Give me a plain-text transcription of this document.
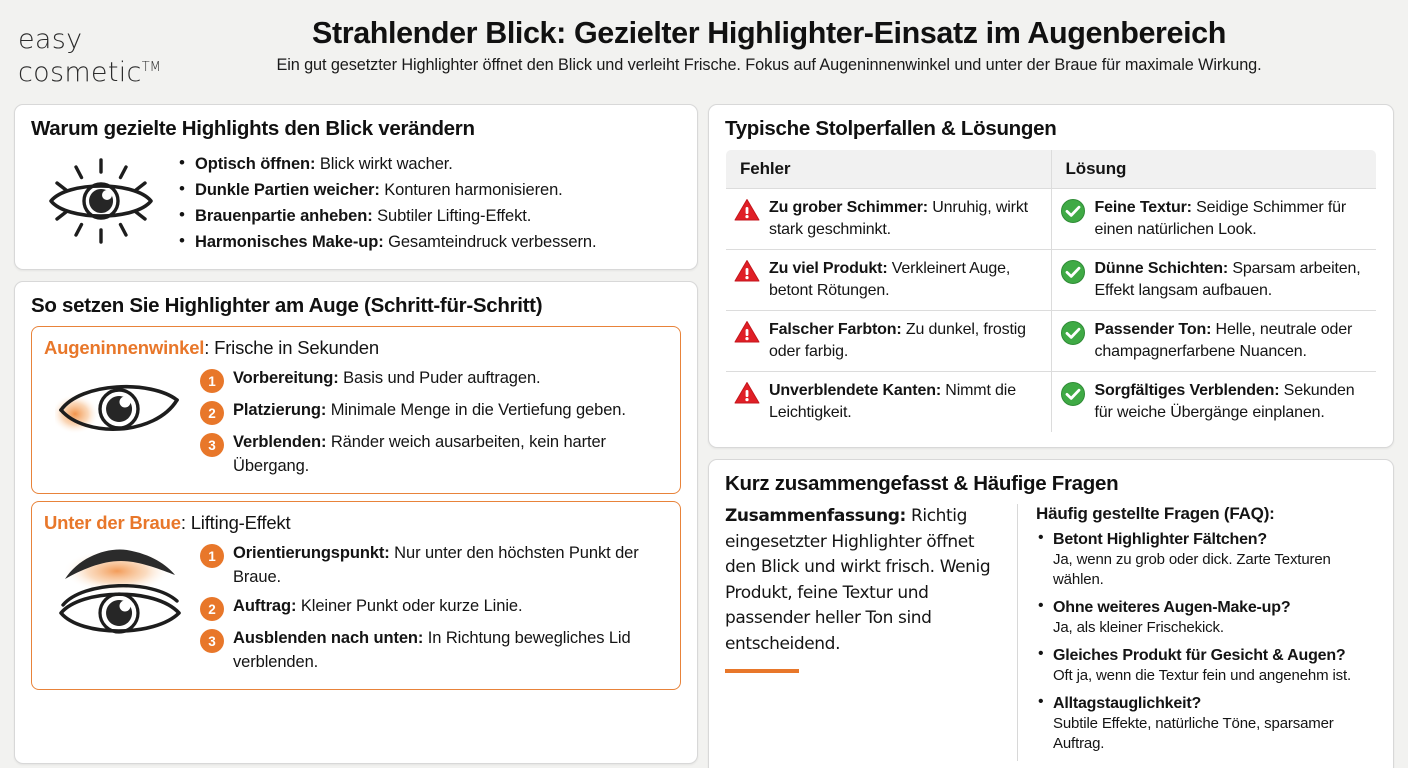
easy
cosmetic™
Strahlender Blick: Gezielter Highlighter-Einsatz im Augenbereich
Ein gut gesetzter Highlighter öffnet den Blick und verleiht Frische. Fokus auf Augeninnenwinkel und unter der Braue für maximale Wirkung.
Warum gezielte Highlights den Blick verändern
• Optisch öffnen: Blick wirkt wacher.
• Dunkle Partien weicher: Konturen harmonisieren.
• Brauenpartie anheben: Subtiler Lifting-Effekt.
• Harmonisches Make-up: Gesamteindruck verbessern.
So setzen Sie Highlighter am Auge (Schritt-für-Schritt)
Augeninnenwinkel: Frische in Sekunden
1	Vorbereitung: Basis und Puder auftragen.
2	Platzierung: Minimale Menge in die Vertiefung geben.
3	Verblenden: Ränder weich ausarbeiten, kein harter Übergang.
Unter der Braue: Lifting-Effekt
1	Orientierungspunkt: Nur unter den höchsten Punkt der Braue.
2	Auftrag: Kleiner Punkt oder kurze Linie.
3	Ausblenden nach unten: In Richtung bewegliches Lid verblenden.
Typische Stolperfallen & Lösungen
Fehler	Lösung

Zu grober Schimmer: Unruhig, wirkt stark geschminkt.	Feine Textur: Seidige Schimmer für einen natürlichen Look.

Zu viel Produkt: Verkleinert Auge, betont Rötungen.	Dünne Schichten: Sparsam arbeiten, Effekt langsam aufbauen.

Falscher Farbton: Zu dunkel, frostig oder farbig.	Passender Ton: Helle, neutrale oder champagnerfarbene Nuancen.

Unverblendete Kanten: Nimmt die Leichtigkeit.	Sorgfältiges Verblenden: Sekunden für weiche Übergänge einplanen.
Kurz zusammengefasst & Häufige Fragen
Zusammenfassung: Richtig eingesetzter Highlighter öffnet den Blick und wirkt frisch. Wenig Produkt, feine Textur und passender heller Ton sind entscheidend.
Häufig gestellte Fragen (FAQ):
• Betont Highlighter Fältchen?
Ja, wenn zu grob oder dick. Zarte Texturen wählen.
• Ohne weiteres Augen-Make-up?
Ja, als kleiner Frischekick.
• Gleiches Produkt für Gesicht & Augen?
Oft ja, wenn die Textur fein und angenehm ist.
• Alltagstauglichkeit?
Subtile Effekte, natürliche Töne, sparsamer Auftrag.
